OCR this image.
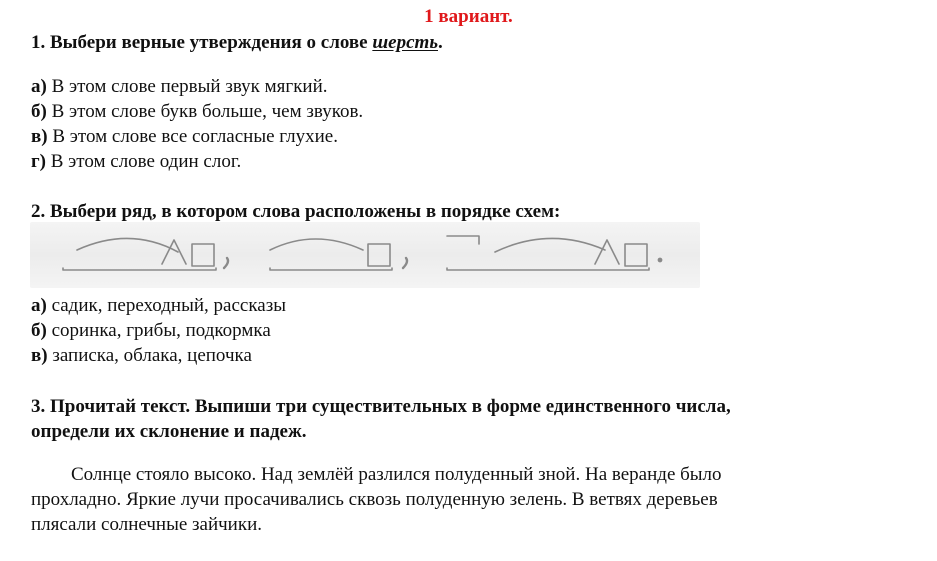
1 вариант.
1. Выбери верные утверждения о слове шерсть.
а) В этом слове первый звук мягкий.
б) В этом слове букв больше, чем звуков.
в) В этом слове все согласные глухие.
г) В этом слове один слог.
2. Выбери ряд, в котором слова расположены в порядке схем:
а) садик, переходный, рассказы
б) соринка, грибы, подкормка
в) записка, облака, цепочка
3. Прочитай текст. Выпиши три существительных в форме единственного числа,
определи их склонение и падеж.
Солнце стояло высоко. Над землёй разлился полуденный зной. На веранде было
прохладно. Яркие лучи просачивались сквозь полуденную зелень. В ветвях деревьев
плясали солнечные зайчики.
